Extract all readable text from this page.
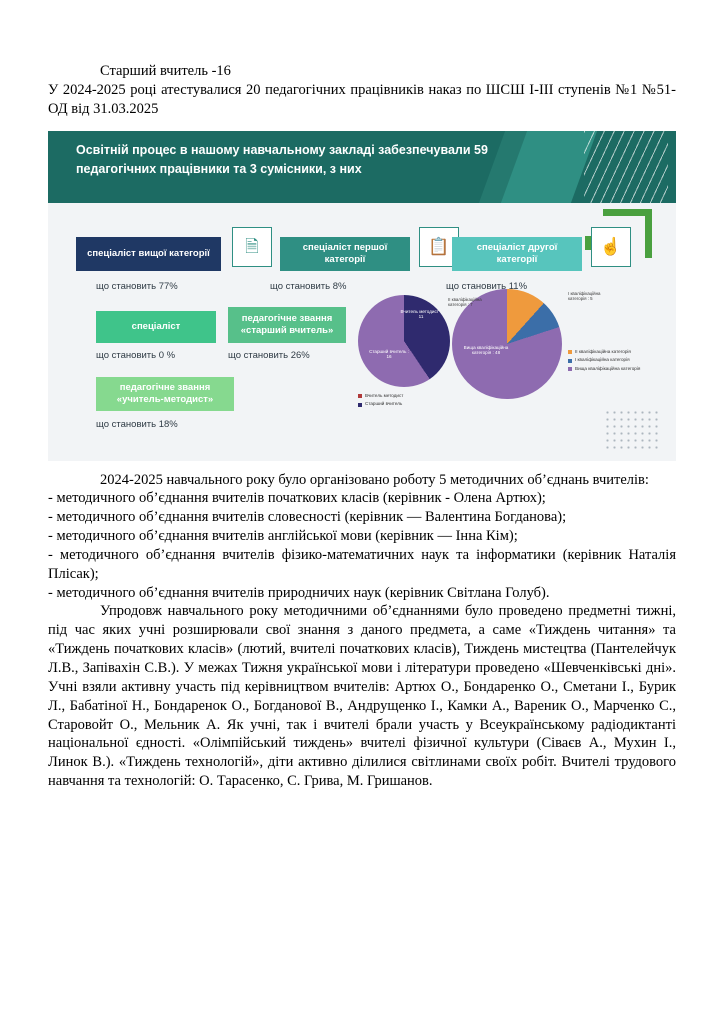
Старший вчитель -16

У 2024-2025 році атестувалися 20 педагогічних працівників наказ по ШСШ І-ІІІ ступенів №1 №51-ОД від 31.03.2025

Освітній процес в нашому навчальному закладі забезпечували 59 педагогічних працівники та 3 сумісники, з них
спеціаліст вищої категорії	🗎	спеціаліст першої категорії
📋	спеціаліст другої категорії
☝
що становить 77%	що становить 8%	що становить 11%
спеціаліст
педагогічне звання «старший вчитель»
що становить 0 %	що становить 26%
педагогічне звання «учитель-методист»
що становить 18%
Старший вчитель : 16
Вчитель методист : 11
Вчитель методист
Старший вчитель
Вища кваліфікаційна категорія : 48
II кваліфікаційна категорія : 7
I кваліфікаційна категорія : 5
ІІ кваліфікаційна категорія
І кваліфікаційна категорія
Вища кваліфікаційна категорія

2024-2025 навчального року було організовано роботу 5 методичних об’єднань вчителів:

- методичного об’єднання вчителів початкових класів (керівник - Олена Артюх);

- методичного об’єднання вчителів словесності (керівник — Валентина Богданова);

- методичного об’єднання вчителів англійської мови (керівник — Інна Кім);

- методичного об’єднання вчителів фізико-математичних наук та інформатики (керівник Наталія Плісак);

- методичного об’єднання вчителів природничих наук (керівник Світлана Голуб).

Упродовж навчального року методичними об’єднаннями було проведено предметні тижні, під час яких учні розширювали свої знання з даного предмета, а саме «Тиждень читання» та «Тиждень початкових класів» (лютий, вчителі початкових класів), Тиждень мистецтва (Пантелейчук Л.В., Запівахін С.В.). У межах Тижня української мови і літератури проведено «Шевченківські дні». Учні взяли активну участь під керівництвом вчителів: Артюх О., Бондаренко О., Сметани І., Бурик Л., Бабатіної Н., Бондаренок О., Богданової В., Андрущенко І., Камки А., Вареник О., Марченко С., Старовойт О., Мельник А. Як учні, так і вчителі брали участь у Всеукраїнському радіодиктанті національної єдності. «Олімпійський тиждень» вчителі фізичної культури (Сіваєв А., Мухин І., Линок В.). «Тиждень технологій», діти активно ділилися світлинами своїх робіт. Вчителі трудового навчання та технологій: О. Тарасенко, С. Грива, М. Гришанов.
